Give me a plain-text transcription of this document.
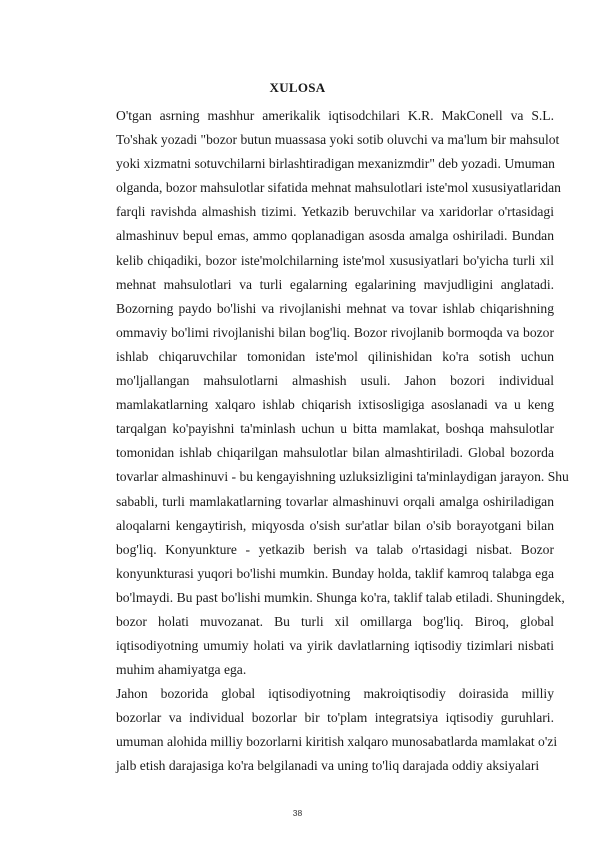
XULOSA
O'tgan asrning mashhur amerikalik iqtisodchilari K.R. MakConell va S.L.
To'shak yozadi "bozor butun muassasa yoki sotib oluvchi va ma'lum bir mahsulot
yoki xizmatni sotuvchilarni birlashtiradigan mexanizmdir" deb yozadi. Umuman
olganda, bozor mahsulotlar sifatida mehnat mahsulotlari iste'mol xususiyatlaridan
farqli ravishda almashish tizimi. Yetkazib beruvchilar va xaridorlar o'rtasidagi
almashinuv bepul emas, ammo qoplanadigan asosda amalga oshiriladi. Bundan
kelib chiqadiki, bozor iste'molchilarning iste'mol xususiyatlari bo'yicha turli xil
mehnat mahsulotlari va turli egalarning egalarining mavjudligini anglatadi.
Bozorning paydo bo'lishi va rivojlanishi mehnat va tovar ishlab chiqarishning
ommaviy bo'limi rivojlanishi bilan bog'liq. Bozor rivojlanib bormoqda va bozor
ishlab chiqaruvchilar tomonidan iste'mol qilinishidan ko'ra sotish uchun
mo'ljallangan mahsulotlarni almashish usuli. Jahon bozori individual
mamlakatlarning xalqaro ishlab chiqarish ixtisosligiga asoslanadi va u keng
tarqalgan ko'payishni ta'minlash uchun u bitta mamlakat, boshqa mahsulotlar
tomonidan ishlab chiqarilgan mahsulotlar bilan almashtiriladi. Global bozorda
tovarlar almashinuvi - bu kengayishning uzluksizligini ta'minlaydigan jarayon. Shu
sababli, turli mamlakatlarning tovarlar almashinuvi orqali amalga oshiriladigan
aloqalarni kengaytirish, miqyosda o'sish sur'atlar bilan o'sib borayotgani bilan
bog'liq. Konyunkture - yetkazib berish va talab o'rtasidagi nisbat. Bozor
konyunkturasi yuqori bo'lishi mumkin. Bunday holda, taklif kamroq talabga ega
bo'lmaydi. Bu past bo'lishi mumkin. Shunga ko'ra, taklif talab etiladi. Shuningdek,
bozor holati muvozanat. Bu turli xil omillarga bog'liq. Biroq, global
iqtisodiyotning umumiy holati va yirik davlatlarning iqtisodiy tizimlari nisbati
muhim ahamiyatga ega.
Jahon bozorida global iqtisodiyotning makroiqtisodiy doirasida milliy
bozorlar va individual bozorlar bir to'plam integratsiya iqtisodiy guruhlari.
umuman alohida milliy bozorlarni kiritish xalqaro munosabatlarda mamlakat o'zi
jalb etish darajasiga ko'ra belgilanadi va uning to'liq darajada oddiy aksiyalari
38
